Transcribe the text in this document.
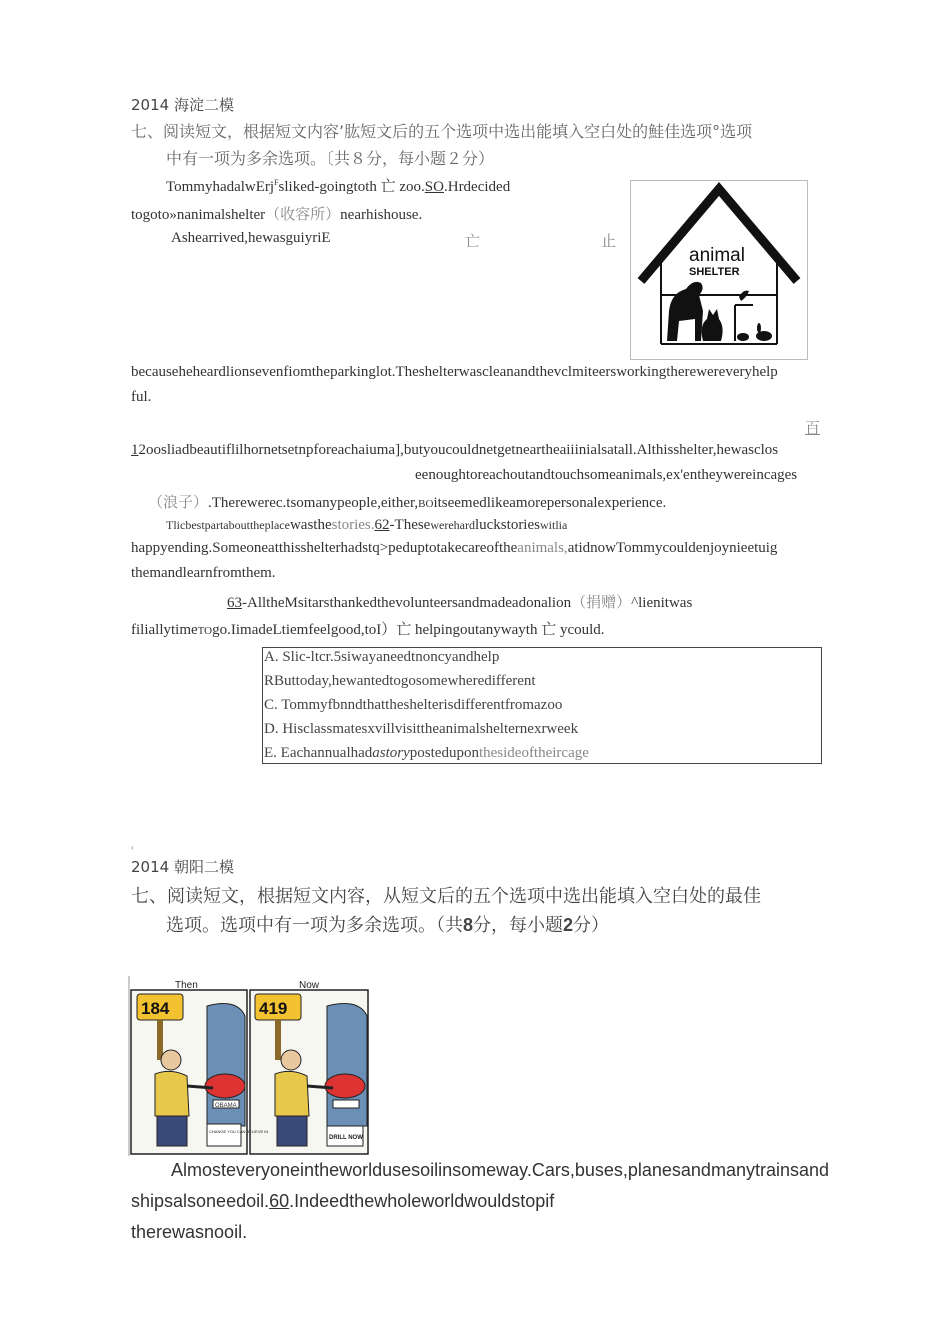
2014 海淀二模
七、阅读短文，根据短文内容’肱短文后的五个选项中选出能填入空白处的鮭佳选项°选项
中有一项为多余选项。〔共８分，每小题２分）
TommyhadalwErj$^F$sliked-goingtoth 亡 zoo.SO.Hrdecided
togoto»nanimalshelter（收容所）nearhishouse.
Ashearrived,hewasguiyriE	亡	止
animal
SHELTER
becauseheheardlionsevenfiomtheparkinglot.Theshelterwascleanandthevclmiteersworkingtherewereveryhelp
ful.
百
12oosliadbeautiflilhornetsetnpforeachaiuma],butyoucouldnetgetneartheaiiinialsatall.Althisshelter,hewasclos
eenoughtoreachoutandtouchsomeanimals,ex'entheywereincages
（浪子）.Therewerec.tsomanypeople,either,BOitseemedlikeamorepersonalexperience.
Tlicbestpartabouttheplacewasthestories.62-Thesewerehardluckstorieswitlia
happyending.Someoneatthisshelterhadstq>peduptotakecareoftheanimals,atidnowTommycouldenjoynieetuig
themandlearnfromthem.
63-AlltheMsitarsthankedthevolunteersandmadeadonalion（捐赠）^lienitwas
filiallytimeTOgo.IimadeLtiemfeelgood,toI）亡 helpingoutanywayth 亡 ycould.
A. Slic-ltcr.5siwayaneedtnoncyandhelp
RButtoday,hewantedtogosomewheredifferent
C. Tommyfbnndthattheshelterisdifferentfromazoo
D. Hisclassmatesxvillvisittheanimalshelternexrweek
E. Eachannualhadastoryposteduponthesideoftheircage
‹
2014 朝阳二模
七、阅读短文，根据短文内容，从短文后的五个选项中选出能填入空白处的最佳
选项。选项中有一项为多余选项。（共8分，每小题2分）
Then	Now
184
OBAMA
CHANGE YOU CAN BELIEVE IN
419
DRILL NOW
Almosteveryoneintheworldusesoilinsomeway.Cars,buses,planesandmanytrainsand
shipsalsoneedoil.60.Indeedthewholeworldwouldstopif
therewasnooil.
